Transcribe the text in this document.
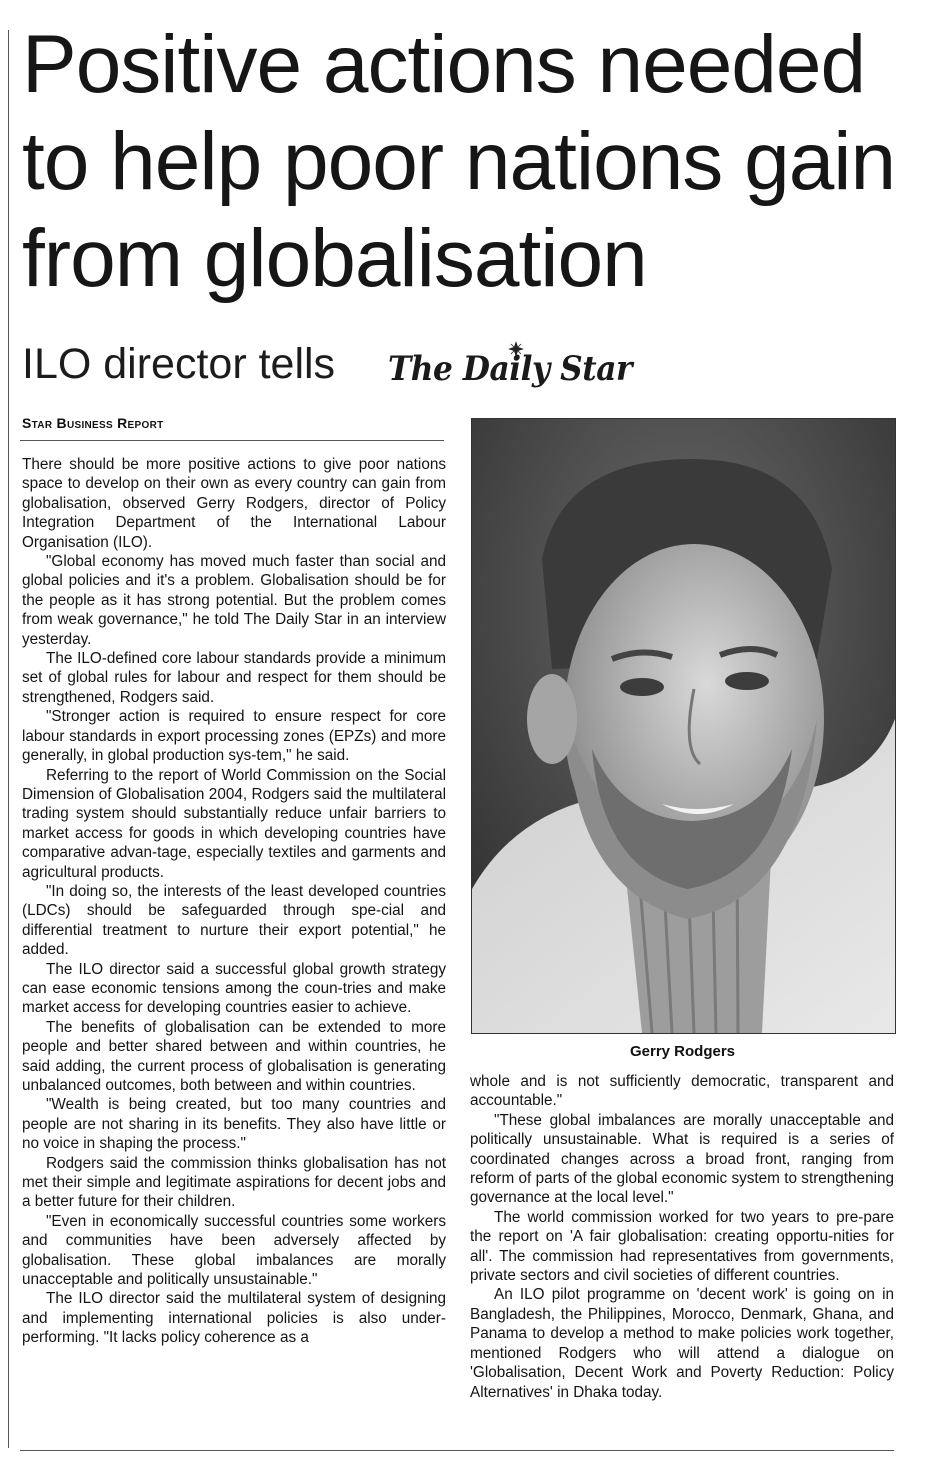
Positive actions needed to help poor nations gain from globalisation
ILO director tells	The Daily Star
Star Business Report

There should be more positive actions to give poor nations space to develop on their own as every country can gain from globalisation, observed Gerry Rodgers, director of Policy Integration Department of the International Labour Organisation (ILO).

"Global economy has moved much faster than social and global policies and it's a problem. Globalisation should be for the people as it has strong potential. But the problem comes from weak governance," he told The Daily Star in an interview yesterday.

The ILO-defined core labour standards provide a minimum set of global rules for labour and respect for them should be strengthened, Rodgers said.

"Stronger action is required to ensure respect for core labour standards in export processing zones (EPZs) and more generally, in global production sys-tem," he said.

Referring to the report of World Commission on the Social Dimension of Globalisation 2004, Rodgers said the multilateral trading system should substantially reduce unfair barriers to market access for goods in which developing countries have comparative advan-tage, especially textiles and garments and agricultural products.

"In doing so, the interests of the least developed countries (LDCs) should be safeguarded through spe-cial and differential treatment to nurture their export potential," he added.

The ILO director said a successful global growth strategy can ease economic tensions among the coun-tries and make market access for developing countries easier to achieve.

The benefits of globalisation can be extended to more people and better shared between and within countries, he said adding, the current process of globalisation is generating unbalanced outcomes, both between and within countries.

"Wealth is being created, but too many countries and people are not sharing in its benefits. They also have little or no voice in shaping the process."

Rodgers said the commission thinks globalisation has not met their simple and legitimate aspirations for decent jobs and a better future for their children.

"Even in economically successful countries some workers and communities have been adversely affected by globalisation. These global imbalances are morally unacceptable and politically unsustainable."

The ILO director said the multilateral system of designing and implementing international policies is also under-performing. "It lacks policy coherence as a

Gerry Rodgers

whole and is not sufficiently democratic, transparent and accountable."

"These global imbalances are morally unacceptable and politically unsustainable. What is required is a series of coordinated changes across a broad front, ranging from reform of parts of the global economic system to strengthening governance at the local level."

The world commission worked for two years to pre-pare the report on 'A fair globalisation: creating opportu-nities for all'. The commission had representatives from governments, private sectors and civil societies of different countries.

An ILO pilot programme on 'decent work' is going on in Bangladesh, the Philippines, Morocco, Denmark, Ghana, and Panama to develop a method to make policies work together, mentioned Rodgers who will attend a dialogue on 'Globalisation, Decent Work and Poverty Reduction: Policy Alternatives' in Dhaka today.
